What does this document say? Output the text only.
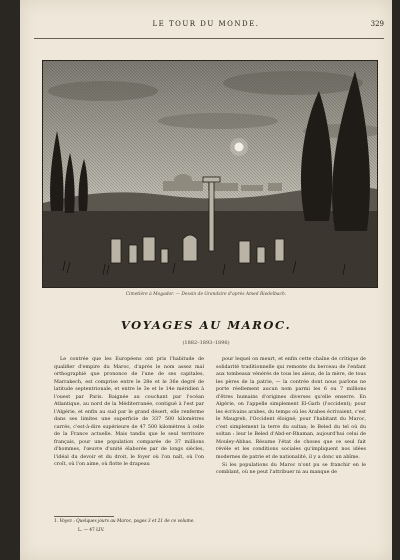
LE TOUR DU MONDE.	329
Cimetière à Mogador. — Dessin de Grandsire d'après Amed Riedelbach.
VOYAGES AU MAROC.
(1882–1893–1896)

Le contrée que les Européens ont pris l'habitude de qualifier d'empire du Maroc, d'après le nom assez mal orthographié que prononce de l'une de ses capitales, Marrakech, est comprise entre le 28e et le 36e degré de latitude septentrionale, et entre le 3e et le 14e méridien à l'ouest par Paris. Baignée au couchant par l'océan Atlantique, au nord de la Méditerranée, contiguë à l'est par l'Algérie, et enfin au sud par le grand désert, elle renferme dans ses limites une superficie de 337 500 kilomètres carrés, c'est-à-dire supérieure de 47 500 kilomètres à celle de la France actuelle. Mais tandis que le seul territoire français, pour une population comparée de 37 millions d'hommes, l'œuvre d'unité élaborée par de longs siècles, l'idéal du devoir et du droit, le foyer où l'on naît, où l'on croît, où l'on aime, où flotte le drapeau

pour lequel on meurt, et enfin cette chaîne de critique de solidarité traditionnelle qui remonte du berceau de l'enfant aux tombeaux vénérés de tous les aïeux, de la mère, de tous les pères de la patrie, — la contrée dont nous parlons ne porte réellement aucun nom parmi les 6 ou 7 millions d'êtres humains d'origines diverses qu'elle enserre. En Algérie, on l'appelle simplement El-Garb (l'occident); pour les écrivains arabes, du temps où les Arabes écrivaient, c'est le Maugreb, l'Occident éloigné; pour l'habitant du Maroc, c'est simplement la terre du sultan; le Beled du tel où du soltan : leur le Beled d'Abd-er-Rhaman, aujourd'hui celui de Mouley-Abbas. Résume l'état de choses que ce seul fait révèle et les conditions sociales qu'impliquent nos idées modernes de patrie et de nationalité, il y a donc un abîme.

Si les populations du Maroc n'ont pu se franchir en le comblant, où ne peut l'attribuer ni au manque de

1. Voyez : Quelques jours au Maroc, pages 3 et 21 de ce volume.
L. — 47 LIV.
